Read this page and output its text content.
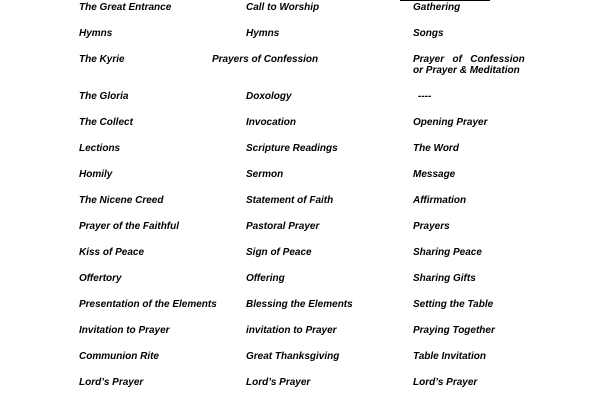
The Great Entrance	Call to Worship	Gathering
Hymns	Hymns	Songs
The Kyrie	Prayers of Confession	Prayer   of   Confession
or Prayer & Meditation
The Gloria	Doxology	----
The Collect	Invocation	Opening Prayer
Lections	Scripture Readings	The Word
Homily	Sermon	Message
The Nicene Creed	Statement of Faith	Affirmation
Prayer of the Faithful	Pastoral Prayer	Prayers
Kiss of Peace	Sign of Peace	Sharing Peace
Offertory	Offering	Sharing Gifts
Presentation of the Elements	Blessing the Elements	Setting the Table
Invitation to Prayer	invitation to Prayer	Praying Together
Communion Rite	Great Thanksgiving	Table Invitation
Lord’s Prayer	Lord’s Prayer	Lord’s Prayer
